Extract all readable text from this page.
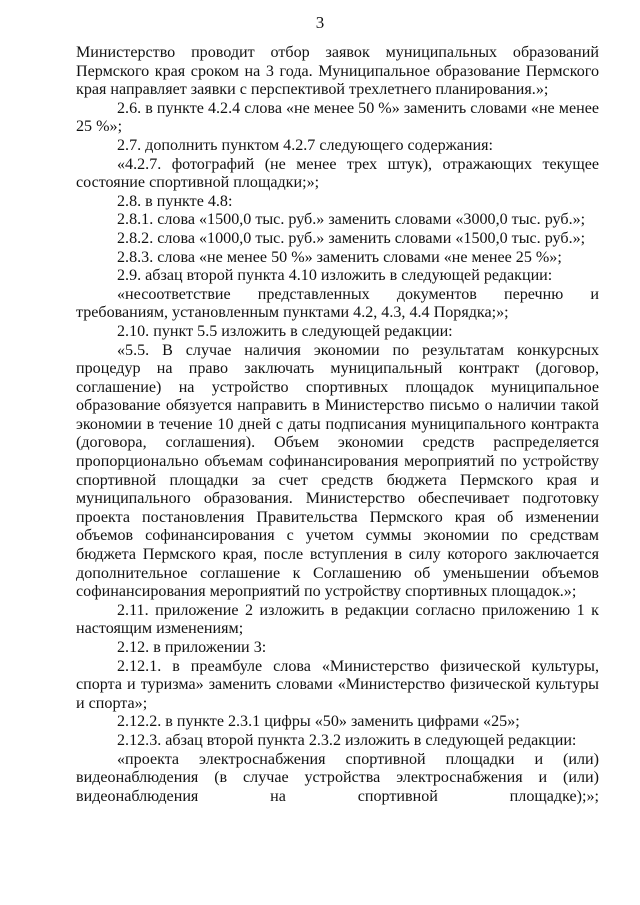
3

Министерство проводит отбор заявок муниципальных образований Пермского края сроком на 3 года. Муниципальное образование Пермского края направляет заявки с перспективой трехлетнего планирования.»;

2.6. в пункте 4.2.4 слова «не менее 50 %» заменить словами «не менее 25 %»;

2.7. дополнить пунктом 4.2.7 следующего содержания:

«4.2.7. фотографий (не менее трех штук), отражающих текущее состояние спортивной площадки;»;

2.8. в пункте 4.8:

2.8.1. слова «1500,0 тыс. руб.» заменить словами «3000,0 тыс. руб.»;

2.8.2. слова «1000,0 тыс. руб.» заменить словами «1500,0 тыс. руб.»;

2.8.3. слова «не менее 50 %» заменить словами «не менее 25 %»;

2.9. абзац второй пункта 4.10 изложить в следующей редакции:

«несоответствие представленных документов перечню и требованиям, установленным пунктами 4.2, 4.3, 4.4 Порядка;»;

2.10. пункт 5.5 изложить в следующей редакции:

«5.5. В случае наличия экономии по результатам конкурсных процедур на право заключать муниципальный контракт (договор, соглашение) на устройство спортивных площадок муниципальное образование обязуется направить в Министерство письмо о наличии такой экономии в течение 10 дней с даты подписания муниципального контракта (договора, соглашения). Объем экономии средств распределяется пропорционально объемам софинансирования мероприятий по устройству спортивной площадки за счет средств бюджета Пермского края и муниципального образования. Министерство обеспечивает подготовку проекта постановления Правительства Пермского края об изменении объемов софинансирования с учетом суммы экономии по средствам бюджета Пермского края, после вступления в силу которого заключается дополнительное соглашение к Соглашению об уменьшении объемов софинансирования мероприятий по устройству спортивных площадок.»;

2.11. приложение 2 изложить в редакции согласно приложению 1 к настоящим изменениям;

2.12. в приложении 3:

2.12.1. в преамбуле слова «Министерство физической культуры, спорта и туризма» заменить словами «Министерство физической культуры и спорта»;

2.12.2. в пункте 2.3.1 цифры «50» заменить цифрами «25»;

2.12.3. абзац второй пункта 2.3.2 изложить в следующей редакции:

«проекта электроснабжения спортивной площадки и (или) видеонаблюдения (в случае устройства электроснабжения и (или) видеонаблюдения на спортивной площадке);»;
